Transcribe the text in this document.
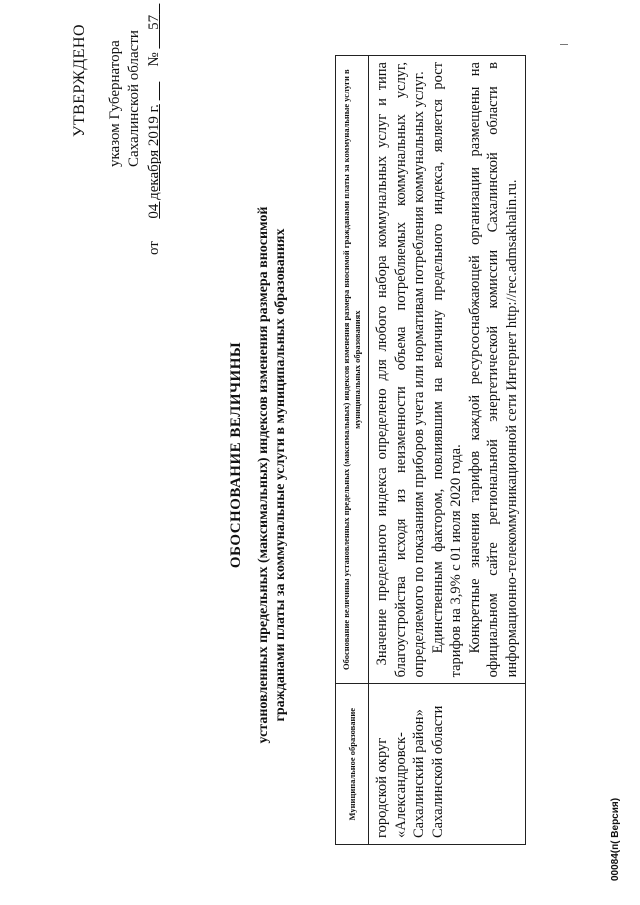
УТВЕРЖДЕНО указом Губернатора Сахалинской области
от      04 декабря 2019 г.          №      57
ОБОСНОВАНИЕ ВЕЛИЧИНЫ установленных предельных (максимальных) индексов изменения размера вносимой гражданами платы за коммунальные услуги в муниципальных образованиях
Муниципальное образование	Обоснование величины установленных предельных (максимальных) индексов изменения размера вносимой гражданами платы за коммунальные услуги в муниципальных образованиях
городской округ «Александровск-Сахалинский район» Сахалинской области	Значение предельного индекса определено для любого набора коммунальных услуг и типа благоустройства исходя из неизменности объема потребляемых коммунальных услуг, определяемого по показаниям приборов учета или нормативам потребления коммунальных услуг. Единственным фактором, повлиявшим на величину предельного индекса, является рост тарифов на 3,9% с 01 июля 2020 года. Конкретные значения тарифов каждой ресурсоснабжающей организации размещены на официальном сайте региональной энергетической комиссии Сахалинской области в информационно-телекоммуникационной сети Интернет http://rec.admsakhalin.ru.

00084(п( Версия)
